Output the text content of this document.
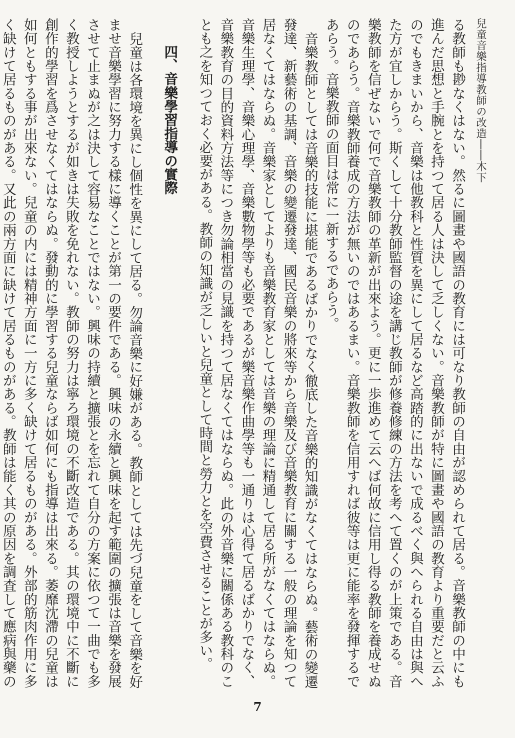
兒童音樂指導教師の改造――木下

る教師も尠なくはない。然るに圖畫や國語の教育には可なり教師の自由が認められて居る。音樂教師の中にも進んだ思想と手腕とを持つて居る人は決して乏しくない。音樂教師が特に圖畫や國語の教育より重要だと云ふのでもきまいから、音樂は他教科と性質を異にして居るなど高踏的に出ないで成るべく與へられる自由は與へた方が宜しからう。斯くして十分教師監督の途を講じ教師が修養修練の方法を考へて置くのが上策である。音樂教師を信ぜないで何で音樂教師の革新が出來よう。更に一歩進めて云へば何故に信用し得る教師を養成せぬのであらう。音樂教師養成の方法が無いのではあるまい。音樂教師を信用すれば彼等は更に能率を發揮するであらう。音樂教師の面目は常に一新するであらう。

音樂教師としては音樂的技能に堪能であるばかりでなく徹底した音樂的知識がなくてはならぬ。藝術の變遷發達、新藝術の基調、音樂の變遷發達、國民音樂の將來等から音樂及び音樂教育に關する一般の理論を知つて居なくてはならぬ。音樂家としてよりも音樂教育家としては音樂の理論に精通して居る所がなくてはならぬ。音樂生理學、音樂心理學、音樂數物學等も必要であるが樂音樂作曲學等も一通りは心得て居るばかりでなく、音樂教育の目的資料方法等につき勿論相當の見識を持つて居なくてはならぬ。此の外音樂に關係ある教科のことも之を知つておく必要がある。教師の知識が乏しいと兒童として時間と勞力とを空費させることが多い。

四、音樂學習指導の實際

兒童は各環境を異にし個性を異にして居る。勿論音樂に好嫌がある。教師としては先づ兒童をして音樂を好ませ音樂學習に努力する樣に導くことが第一の要件である。興味の永續と興味を起す範圍の擴張は音樂を發展させて止まぬが之は決して容易なことではない。興味の持續と擴張とを忘れて自分の方案に依つて一曲でも多く教授しようとするが如きは失敗を免れない。教師の努力は寧ろ環境の不斷改造である。其の環境中に不斷に創作的學習を爲させなくてはならぬ。發動的に學習する兒童ならば如何にも指導は出來る。萎靡沈滯の兒童は如何ともする事が出來ない。兒童の内には精神方面に一方に多く缺けて居るものがある。外部的筋肉作用に多く缺けて居るものがある。又此の兩方面に缺けて居るものがある。教師は能く其の原因を調査して應病與藥の

7
